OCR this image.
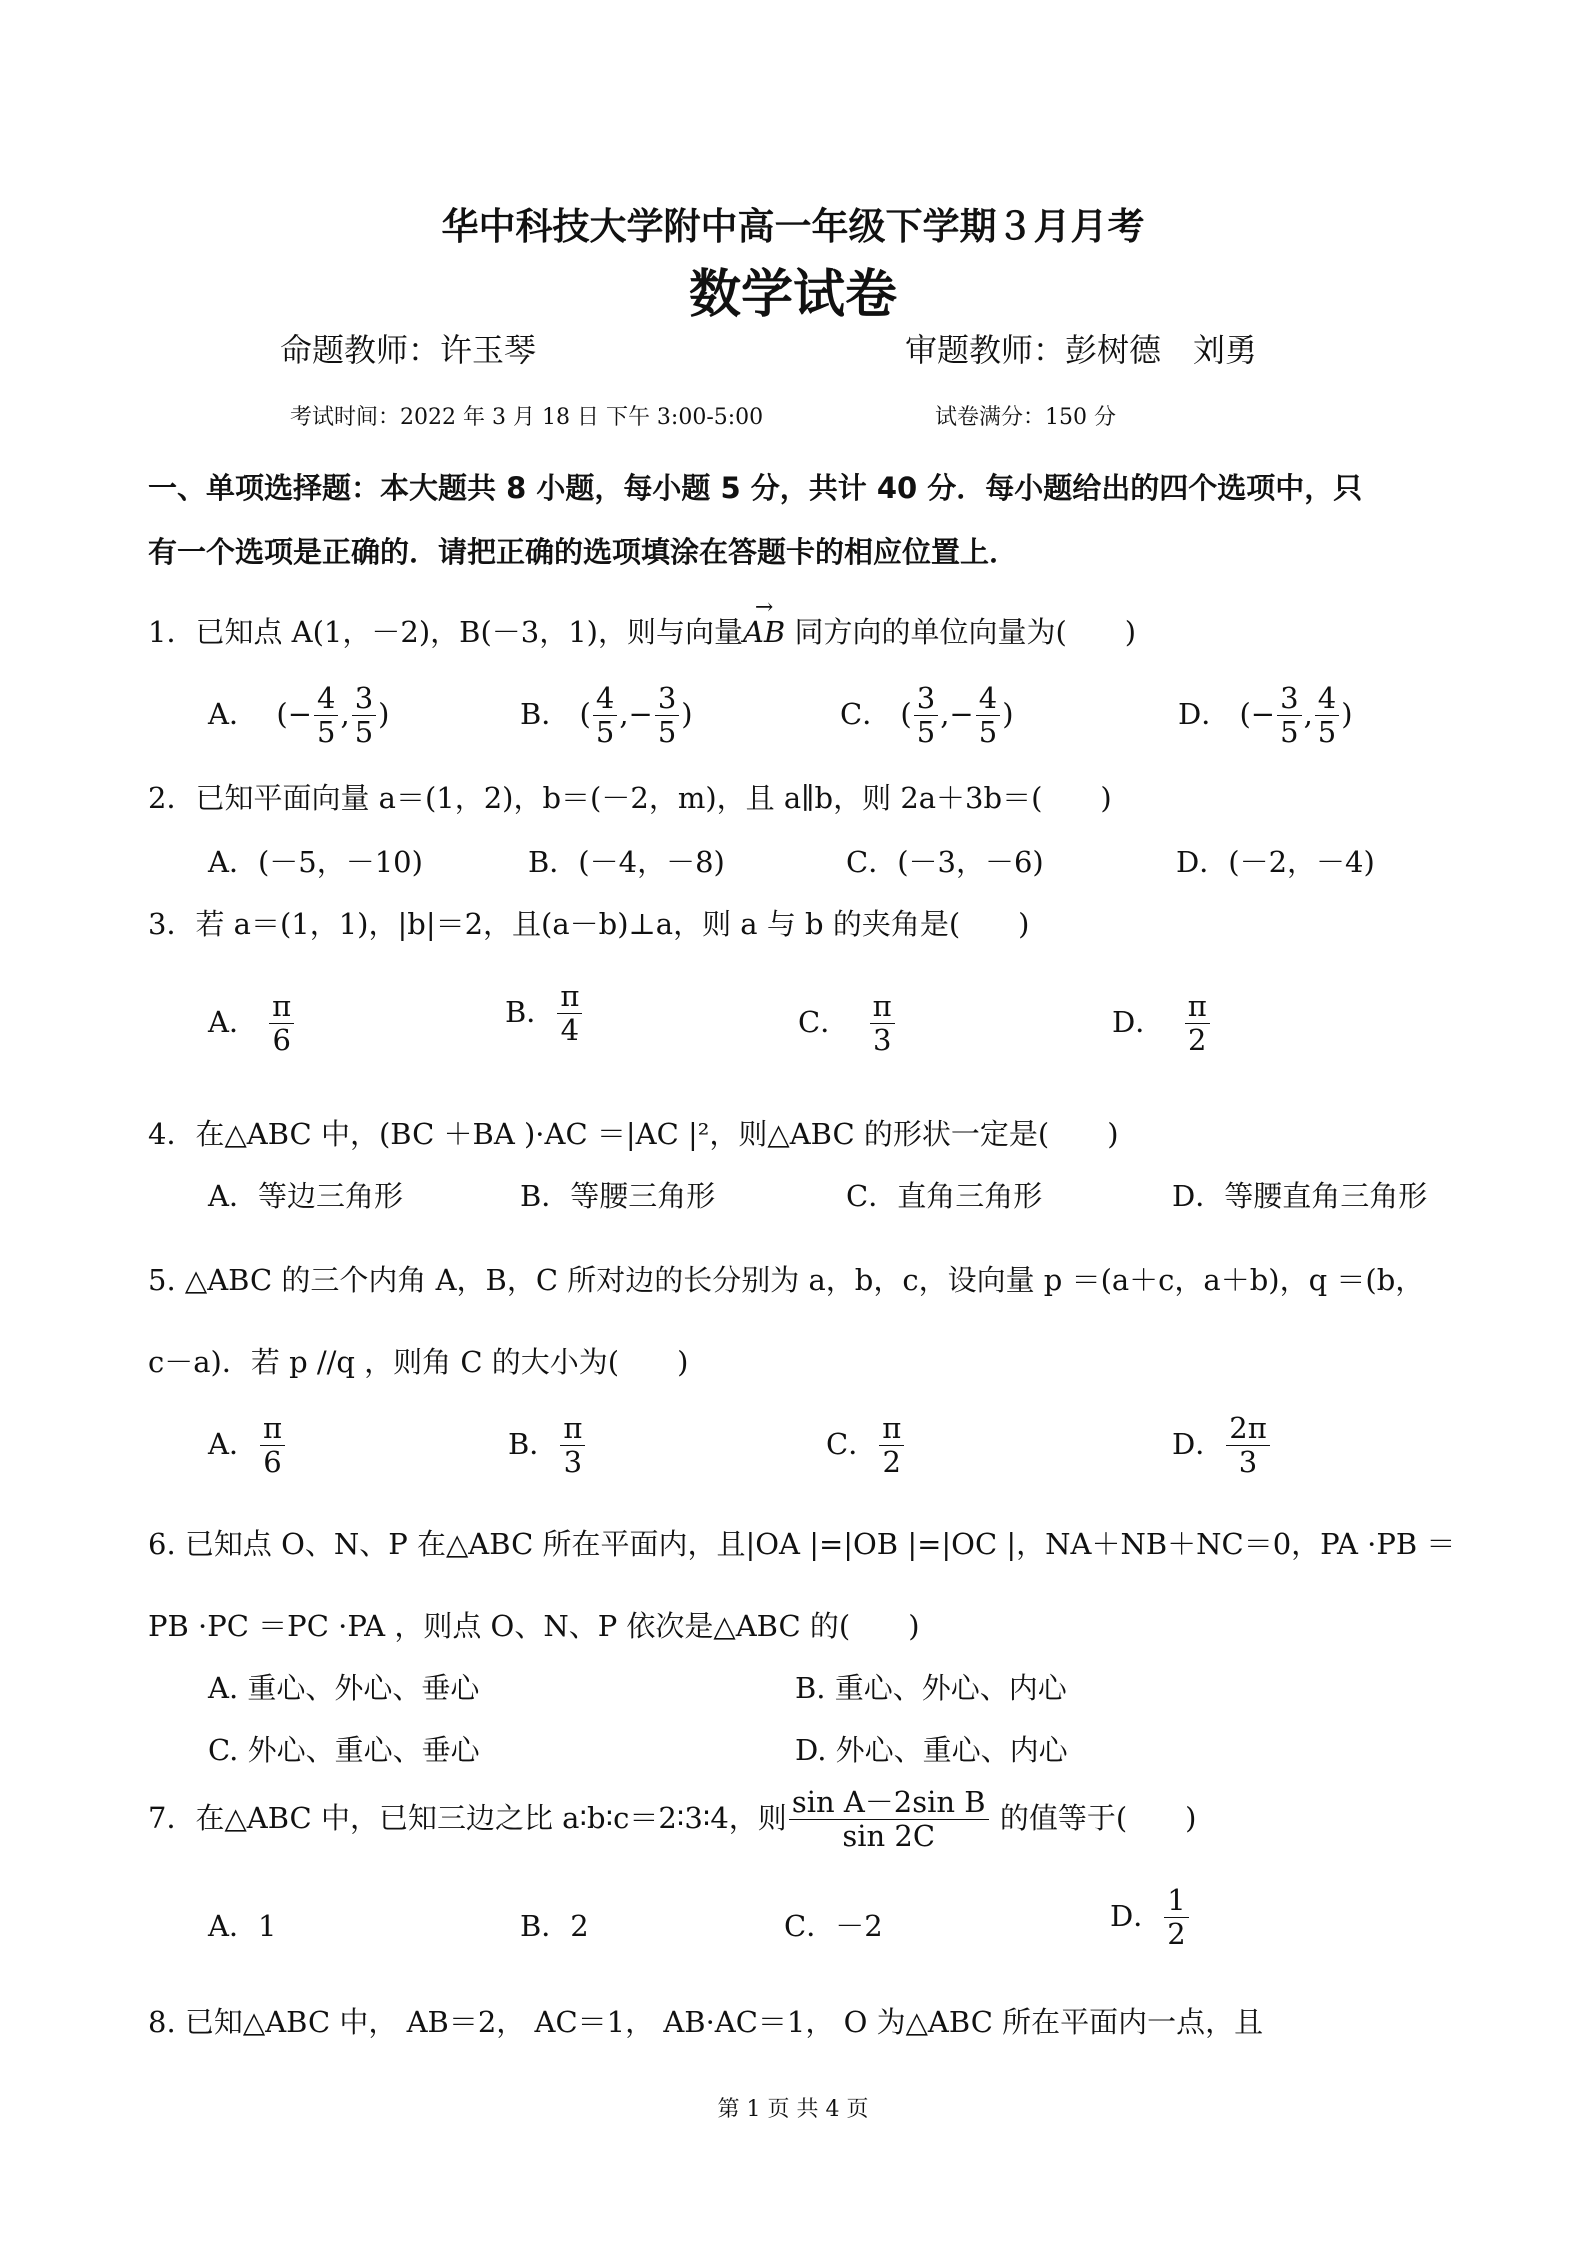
华中科技大学附中高一年级下学期３月月考
数学试卷
命题教师：许玉琴	审题教师：彭树德　刘勇
考试时间：2022 年 3 月 18 日 下午 3:00-5:00	试卷满分：150 分
一、单项选择题：本大题共 8 小题，每小题 5 分，共计 40 分．每小题给出的四个选项中，只
有一个选项是正确的．请把正确的选项填涂在答题卡的相应位置上．
1．已知点 A(1，－2)，B(－3，1)，则与向量→ AB 同方向的单位向量为(　　)
A．  (− $\frac{4}{5}$ , $\frac{3}{5}$ )	B． ( $\frac{4}{5}$ ,− $\frac{3}{5}$ )	C． ( $\frac{3}{5}$ ,− $\frac{4}{5}$ )	D． (− $\frac{3}{5}$ , $\frac{4}{5}$ )
2．已知平面向量 a＝(1，2)，b＝(－2，m)，且 a∥b，则 2a＋3b＝(　　)
A．(－5，－10)	B．(－4，－8)	C．(－3，－6)	D．(－2，－4)
3．若 a＝(1，1)，|b|＝2，且(a－b)⊥a，则 a 与 b 的夹角是(　　)
A． $\frac{\pi}{6}$	B． $\frac{\pi}{4}$	C． $\frac{\pi}{3}$	D． $\frac{\pi}{2}$
4．在△ABC 中，(BC ＋BA )·AC ＝|AC |²，则△ABC 的形状一定是(　　)
A．等边三角形	B．等腰三角形	C．直角三角形	D．等腰直角三角形
5. △ABC 的三个内角 A，B，C 所对边的长分别为 a，b，c，设向量 p ＝(a＋c，a＋b)，q ＝(b，
c－a)．若 p //q ，则角 C 的大小为(　　)
A． $\frac{\pi}{6}$	B． $\frac{\pi}{3}$	C． $\frac{\pi}{2}$	D． $\frac{2\pi}{3}$
6. 已知点 O、N、P 在△ABC 所在平面内，且|OA |=|OB |=|OC |，NA＋NB＋NC＝0，PA ·PB ＝
PB ·PC ＝PC ·PA ，则点 O、N、P 依次是△ABC 的(　　)
A. 重心、外心、垂心	B. 重心、外心、内心
C. 外心、重心、垂心	D. 外心、重心、内心
7．在△ABC 中，已知三边之比 a∶b∶c＝2∶3∶4，则 $\frac{\text{sin A－2sin B}}{\sin 2C}$ 的值等于(　　)
A．1	B．2	C．－2	D． $\frac{1}{2}$
8. 已知△ABC 中， AB＝2， AC＝1， AB·AC＝1， O 为△ABC 所在平面内一点，且
第 1 页 共 4 页
